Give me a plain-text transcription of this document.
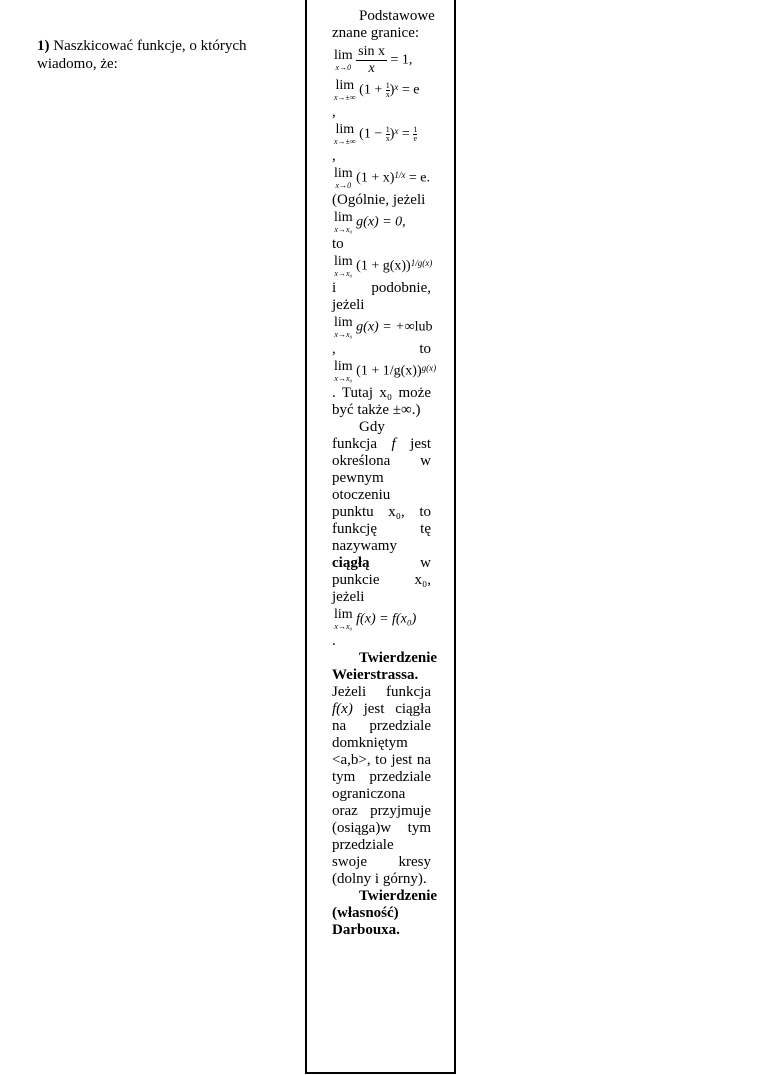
1) Naszkicować funkcje, o których wiadomo, że:

Podstawowe znane granice:

lim
x→0
$\frac{\text{sin x}}{x} = 1$,
lim
x→±∞ $(1 + \frac{1}{x})^x = e$

,

lim
x→±∞ $(1 - \frac{1}{x})^x = \frac{1}{e}$

,

lim
x→0 $(1 + x)^{1/x} = e$.

(Ogólnie, jeżeli

lim
x→x₀ g(x) = 0,

to

lim
x→x₀ $(1 + g(x))^{1/g(x)}$

i podobnie, jeżeli

lim
x→x₀ g(x) = +∞lub

,	to

lim
x→x₀ $(1 + 1/g(x))^{g(x)}$

. Tutaj x₀ może być także ±∞.)

Gdy funkcja f jest określona w pewnym otoczeniu punktu x₀, to funkcję tę nazywamy ciągłą w punkcie x₀, jeżeli

lim
x→x₀ f(x) = f(x₀)

.

Twierdzenie Weierstrassa. Jeżeli funkcja f(x) jest ciągła na przedziale domkniętym <a,b>, to jest na tym przedziale ograniczona oraz przyjmuje (osiąga)w tym przedziale swoje kresy (dolny i górny).

Twierdzenie (własność) Darbouxa.
